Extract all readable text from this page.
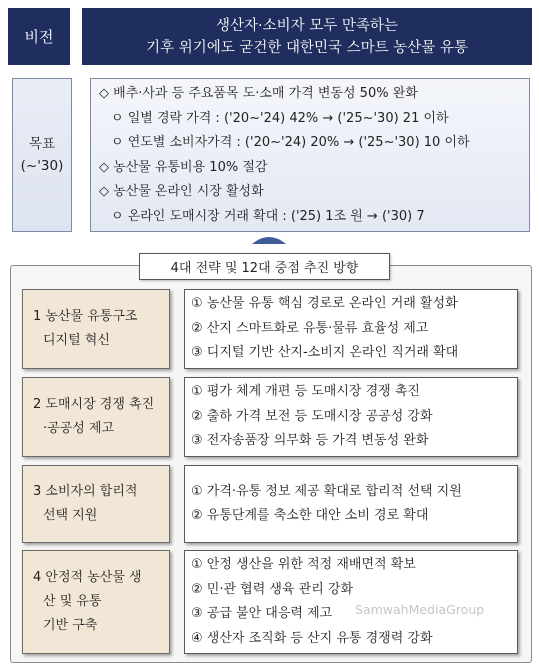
비전
생산자·소비자 모두 만족하는
기후 위기에도 굳건한 대한민국 스마트 농산물 유통
목표
(~'30)
◇ 배추·사과 등 주요품목 도·소매 가격 변동성 50% 완화
ㅇ 일별 경락 가격 : ('20~'24) 42% → ('25~'30) 21 이하
ㅇ 연도별 소비자가격 : ('20~'24) 20% → ('25~'30) 10 이하
◇ 농산물 유통비용 10% 절감
◇ 농산물 온라인 시장 활성화
ㅇ 온라인 도매시장 거래 확대 : ('25) 1조 원 → ('30) 7
4대 전략 및 12대 중점 추진 방향
1 농산물 유통구조
디지털 혁신
① 농산물 유통 핵심 경로로 온라인 거래 활성화
② 산지 스마트화로 유통·물류 효율성 제고
③ 디지털 기반 산지-소비지 온라인 직거래 확대
2 도매시장 경쟁 촉진
·공공성 제고
① 평가 체계 개편 등 도매시장 경쟁 촉진
② 출하 가격 보전 등 도매시장 공공성 강화
③ 전자송품장 의무화 등 가격 변동성 완화
3 소비자의 합리적
선택 지원
① 가격·유통 정보 제공 확대로 합리적 선택 지원
② 유통단계를 축소한 대안 소비 경로 확대
4 안정적 농산물 생
산 및 유통
기반 구축
① 안정 생산을 위한 적정 재배면적 확보
② 민·관 협력 생육 관리 강화
③ 공급 불안 대응력 제고
④ 생산자 조직화 등 산지 유통 경쟁력 강화
SamwahMediaGroup
